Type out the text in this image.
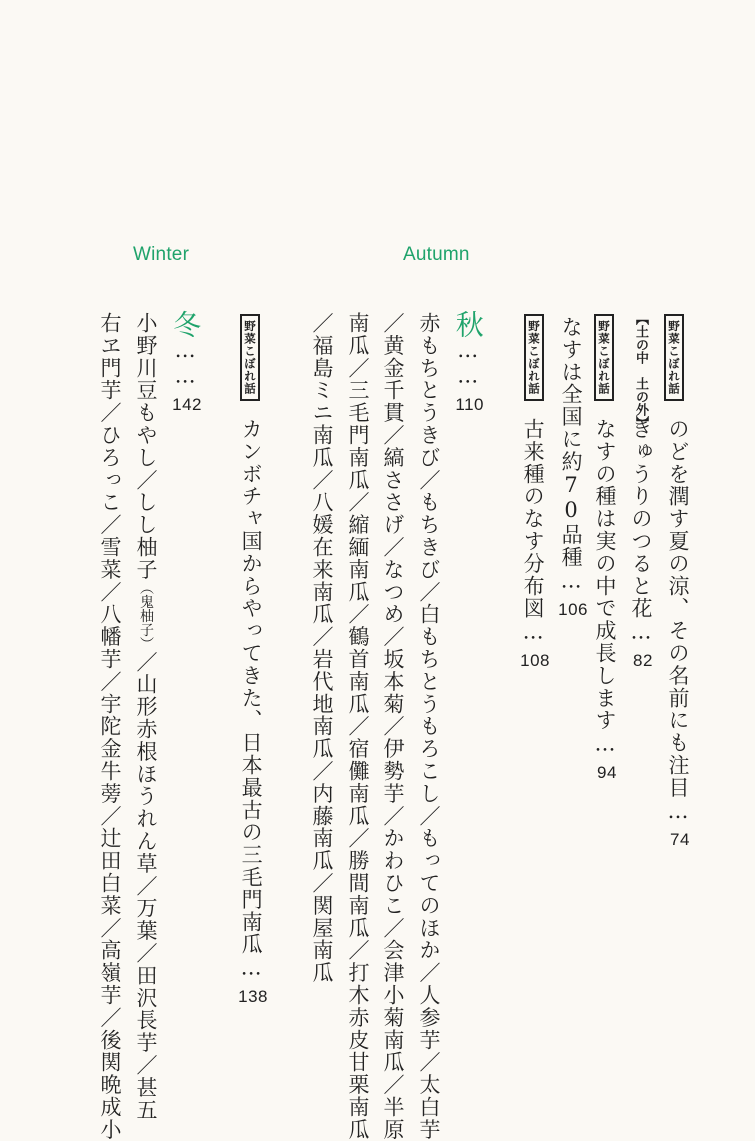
Autumn
Winter
野菜こぼれ話
のどを潤す夏の涼、その名前にも注目…74
【土の中　土の外】
きゅうりのつると花…82
野菜こぼれ話
なすの種は実の中で成長します…94
なすは全国に約70品種…106
野菜こぼれ話
古来種のなす分布図…108
秋……110
赤もちとうきび／もちきび／白もちとうもろこし／もってのほか／人参芋／太白芋
／黄金千貫／縞ささげ／なつめ／坂本菊／伊勢芋／かわひこ／会津小菊南瓜／半原
南瓜／三毛門南瓜／縮緬南瓜／鶴首南瓜／宿儺南瓜／勝間南瓜／打木赤皮甘栗南瓜
／福島ミニ南瓜／八媛在来南瓜／岩代地南瓜／内藤南瓜／関屋南瓜
野菜こぼれ話
カンボチャ国からやってきた、日本最古の三毛門南瓜…138
冬……142
小野川豆もやし／しし柚子（鬼柚子）／山形赤根ほうれん草／万葉／田沢長芋／甚五
右ヱ門芋／ひろっこ／雪菜／八幡芋／宇陀金牛蒡／辻田白菜／高嶺芋／後関晩成小
